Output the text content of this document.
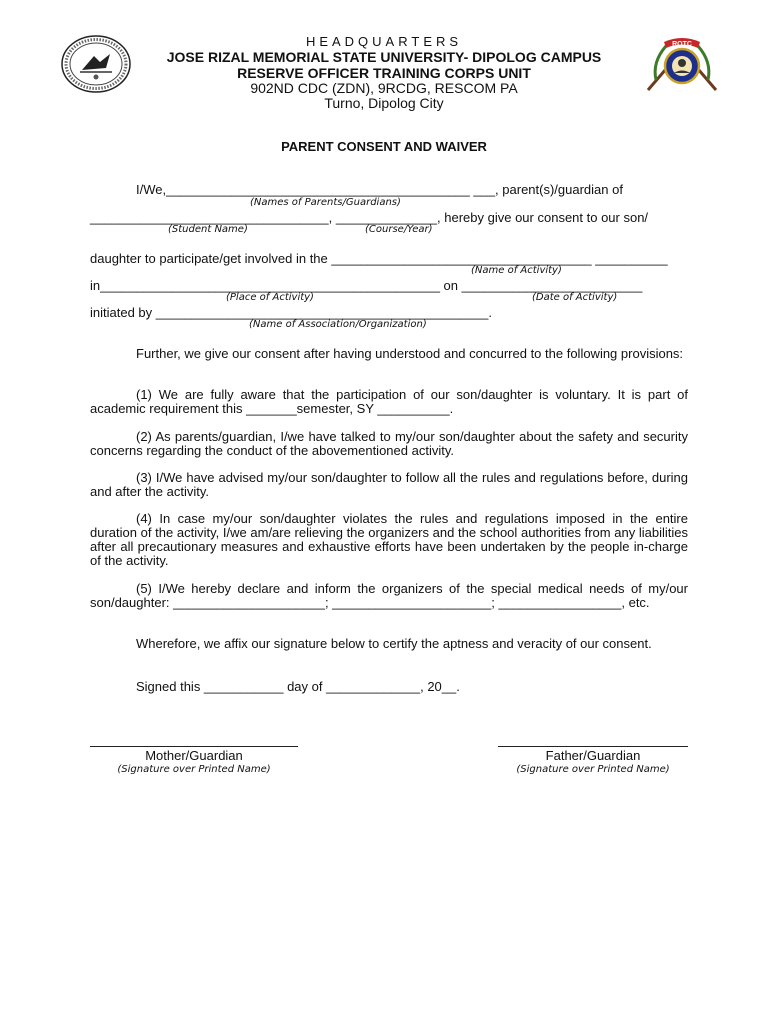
ROTC
HEADQUARTERS
JOSE RIZAL MEMORIAL STATE UNIVERSITY- DIPOLOG CAMPUS
RESERVE OFFICER TRAINING CORPS UNIT
902ND CDC (ZDN), 9RCDG, RESCOM PA
Turno, Dipolog City
PARENT CONSENT AND WAIVER
I/We,__________________________________________ ___, parent(s)/guardian of
(Names of Parents/Guardians)
_________________________________, ______________, hereby give our consent to our son/
(Student Name)	(Course/Year)
daughter to participate/get involved in the ____________________________________ __________
(Name of Activity)
in_______________________________________________ on _________________________
(Place of Activity)	(Date of Activity)
initiated by ______________________________________________.
(Name of Association/Organization)
Further, we give our consent after having understood and concurred to the following provisions:
(1) We are fully aware that the participation of our son/daughter is voluntary. It is part of academic requirement this _______semester, SY __________.
(2) As parents/guardian, I/we have talked to my/our son/daughter about the safety and security concerns regarding the conduct of the abovementioned activity.
(3) I/We have advised my/our son/daughter to follow all the rules and regulations before, during and after the activity.
(4) In case my/our son/daughter violates the rules and regulations imposed in the entire duration of the activity, I/we am/are relieving the organizers and the school authorities from any liabilities after all precautionary measures and exhaustive efforts have been undertaken by the people in-charge of the activity.
(5) I/We hereby declare and inform the organizers of the special medical needs of my/our son/daughter: _____________________; ______________________; _________________, etc.
Wherefore, we affix our signature below to certify the aptness and veracity of our consent.
Signed this ___________ day of _____________, 20__.
Mother/Guardian
(Signature over Printed Name)
Father/Guardian
(Signature over Printed Name)
